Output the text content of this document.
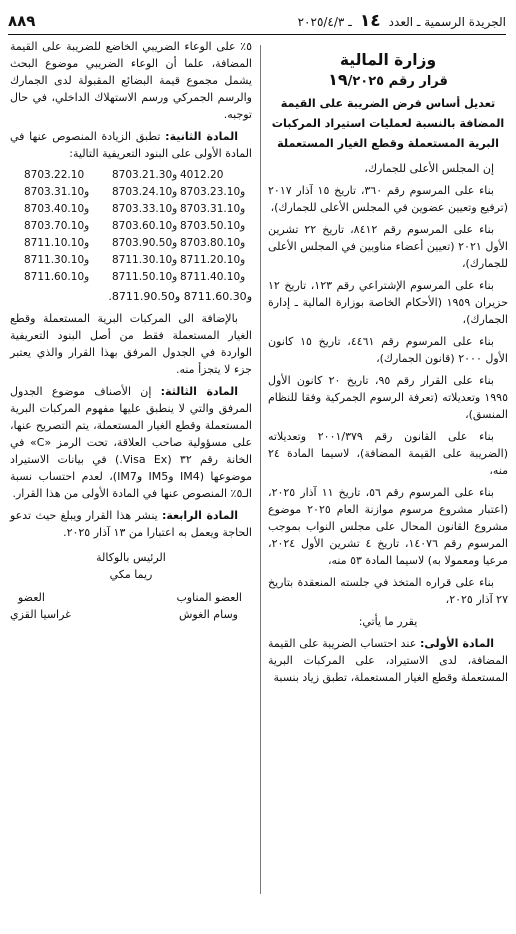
الجريدة الرسمية ـ العدد ١٤ ـ ٢٠٢٥/٤/٣
٨٨٩
وزارة المالية
قرار رقم ١٩/٢٠٢٥
تعديل أساس فرض الضريبة على القيمة المضافة بالنسبة لعمليات استيراد المركبات البرية المستعملة وقطع الغيار المستعملة

إن المجلس الأعلى للجمارك،

بناء على المرسوم رقم ٣٦٠، تاريخ ١٥ آذار ٢٠١٧ (ترفيع وتعيين عضوين في المجلس الأعلى للجمارك)،

بناء على المرسوم رقم ٨٤١٢، تاريخ ٢٢ تشرين الأول ٢٠٢١ (تعيين أعضاء مناوبين في المجلس الأعلى للجمارك)،

بناء على المرسوم الإشتراعي رقم ١٢٣، تاريخ ١٢ حزيران ١٩٥٩ (الأحكام الخاصة بوزارة المالية ـ إدارة الجمارك)،

بناء على المرسوم رقم ٤٤٦١، تاريخ ١٥ كانون الأول ٢٠٠٠ (قانون الجمارك)،

بناء على القرار رقم ٩٥، تاريخ ٢٠ كانون الأول ١٩٩٥ وتعديلاته (تعرفة الرسوم الجمركية وفقا للنظام المنسق)،

بناء على القانون رقم ٢٠٠١/٣٧٩ وتعديلاته (الضريبة على القيمة المضافة)، لاسيما المادة ٢٤ منه،

بناء على المرسوم رقم ٥٦، تاريخ ١١ آذار ٢٠٢٥، (اعتبار مشروع مرسوم موازنة العام ٢٠٢٥ موضوع مشروع القانون المحال على مجلس النواب بموجب المرسوم رقم ١٤٠٧٦، تاريخ ٤ تشرين الأول ٢٠٢٤، مرعيا ومعمولا به) لاسيما المادة ٥٣ منه،

بناء على قراره المتخذ في جلسته المنعقدة بتاريخ ٢٧ آذار ٢٠٢٥،

يقرر ما يأتي:

المادة الأولى: عند احتساب الضريبة على القيمة المضافة، لدى الاستيراد، على المركبات البرية المستعملة وقطع الغيار المستعملة، تطبق زياد بنسبة

٥٪ على الوعاء الضريبي الخاضع للضريبة على القيمة المضافة، علما أن الوعاء الضريبي موضوع البحث يشمل مجموع قيمة البضائع المقبولة لدى الجمارك والرسم الجمركي ورسم الاستهلاك الداخلي، في حال توجبه.

المادة الثانية: تطبق الزيادة المنصوص عنها في المادة الأولى على البنود التعريفية التالية:

8703.22.10	و8703.21.30 4012.20
و8703.31.10	و8703.24.10 و8703.23.10
و8703.40.10	و8703.33.10 و8703.31.10
و8703.70.10	و8703.60.10 و8703.50.10
و8711.10.10	و8703.90.50 و8703.80.10
و8711.30.10	و8711.30.10 و8711.20.10
و8711.60.10	و8711.50.10 و8711.40.10

و8711.60.30 و8711.90.50.

بالإضافة الى المركبات البرية المستعملة وقطع الغيار المستعملة فقط من أصل البنود التعريفية الواردة في الجدول المرفق بهذا القرار والذي يعتبر جزء لا يتجزأ منه.

المادة الثالثة: إن الأصناف موضوع الجدول المرفق والتي لا ينطبق عليها مفهوم المركبات البرية المستعملة وقطع الغيار المستعملة، يتم التصريح عنها، على مسؤولية صاحب العلاقة، تحت الرمز «C» في الخانة رقم ٣٢ (Visa Ex.) في بيانات الاستيراد موضوعها (IM4 وIM5 وIM7)، لعدم احتساب نسبة الـ٥٪ المنصوص عنها في المادة الأولى من هذا القرار.

المادة الرابعة: ينشر هذا القرار ويبلغ حيث تدعو الحاجة ويعمل به اعتبارا من ١٣ آذار ٢٠٢٥.

الرئيس بالوكالة
ريما مكي
العضو المناوب
العضو
وسام الغوش
غراسيا القزي
